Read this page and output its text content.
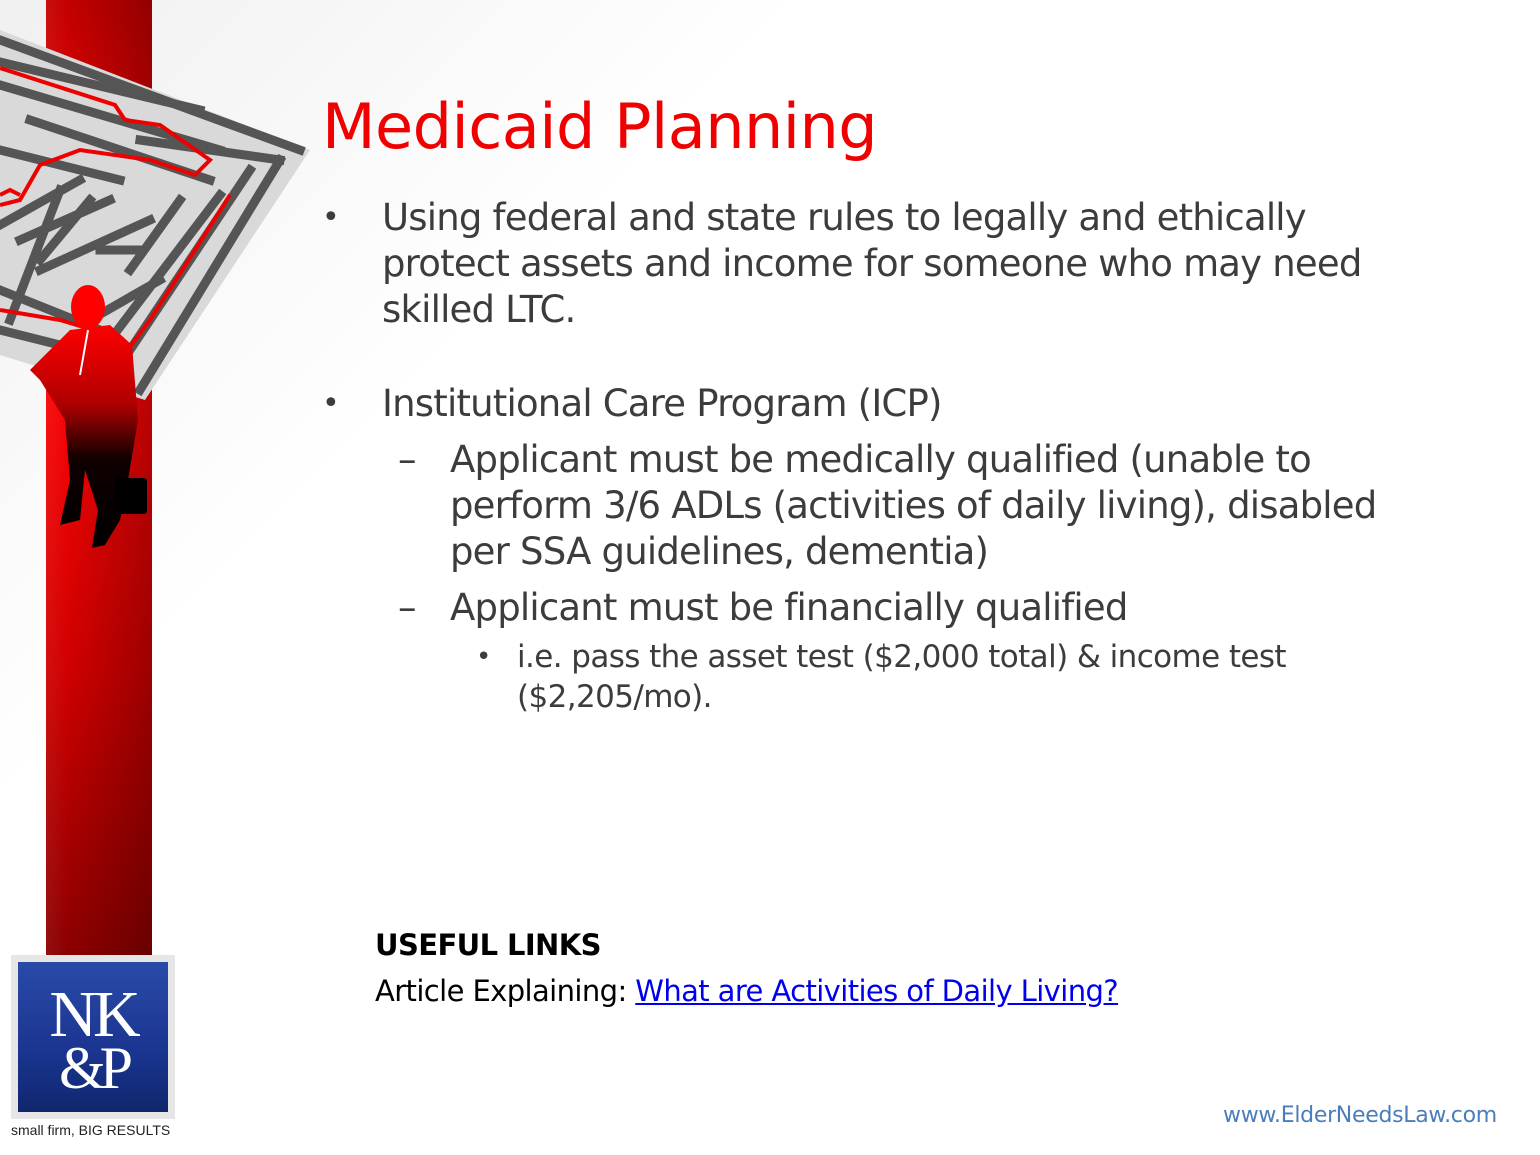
Medicaid Planning
• Using federal and state rules to legally and ethically protect assets and income for someone who may need skilled LTC.
• Institutional Care Program (ICP)
– Applicant must be medically qualified (unable to perform 3/6 ADLs (activities of daily living), disabled per SSA guidelines, dementia)
– Applicant must be financially qualified
• i.e. pass the asset test ($2,000 total) & income test ($2,205/mo).
USEFUL LINKS
Article Explaining: What are Activities of Daily Living?
NK
&P
small firm, BIG RESULTS
www.ElderNeedsLaw.com
